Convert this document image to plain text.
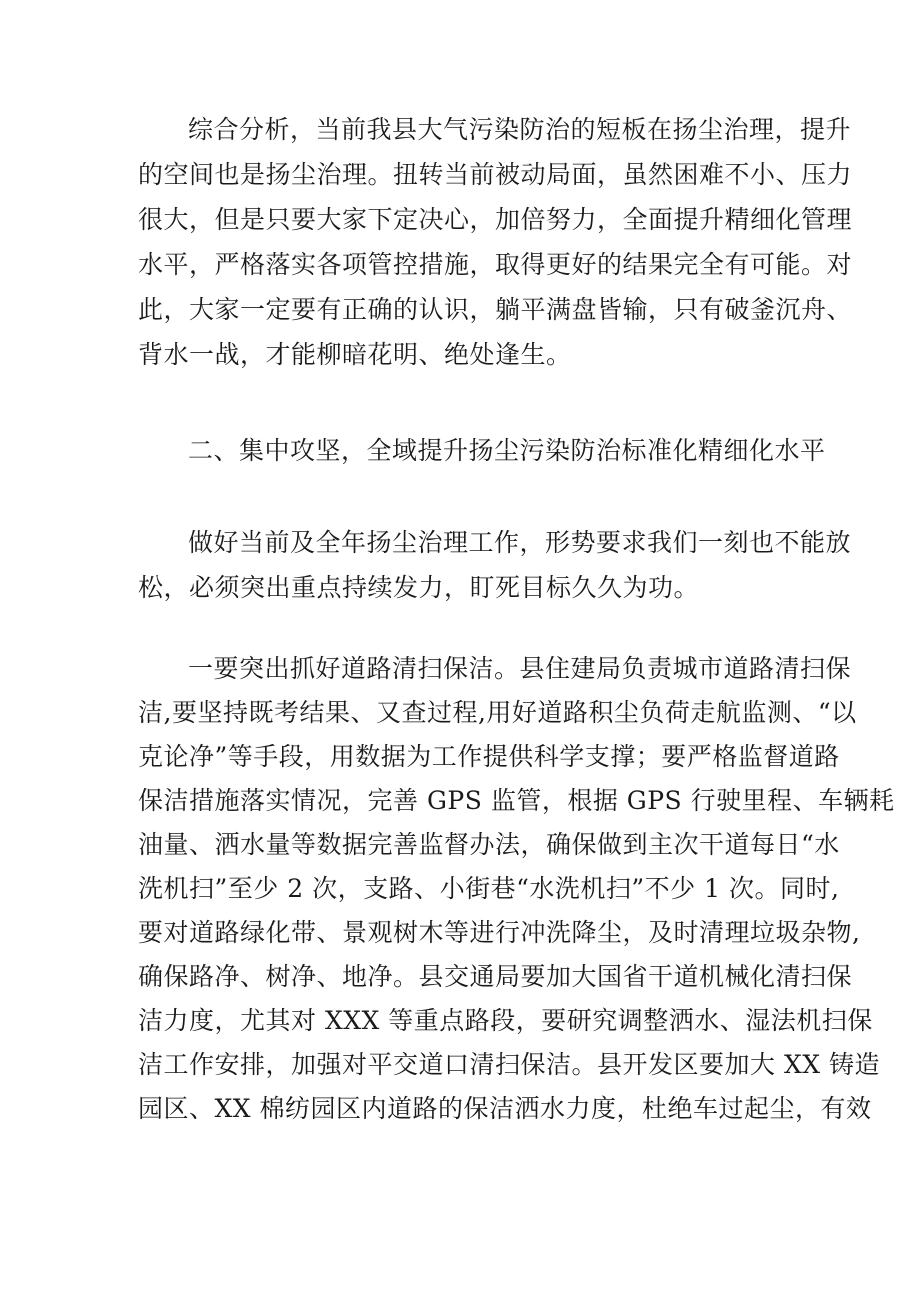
综合分析，当前我县大气污染防治的短板在扬尘治理，提升
的空间也是扬尘治理。扭转当前被动局面，虽然困难不小、压力
很大，但是只要大家下定决心，加倍努力，全面提升精细化管理
水平，严格落实各项管控措施，取得更好的结果完全有可能。对
此，大家一定要有正确的认识，躺平满盘皆输，只有破釜沉舟、
背水一战，才能柳暗花明、绝处逢生。
二、集中攻坚，全域提升扬尘污染防治标准化精细化水平
做好当前及全年扬尘治理工作，形势要求我们一刻也不能放
松，必须突出重点持续发力，盯死目标久久为功。
一要突出抓好道路清扫保洁。县住建局负责城市道路清扫保
洁,要坚持既考结果、又查过程,用好道路积尘负荷走航监测、“以
克论净”等手段，用数据为工作提供科学支撑；要严格监督道路
保洁措施落实情况，完善 GPS 监管，根据 GPS 行驶里程、车辆耗
油量、洒水量等数据完善监督办法，确保做到主次干道每日“水
洗机扫”至少 2 次，支路、小街巷“水洗机扫”不少 1 次。同时,
要对道路绿化带、景观树木等进行冲洗降尘，及时清理垃圾杂物,
确保路净、树净、地净。县交通局要加大国省干道机械化清扫保
洁力度，尤其对 XXX 等重点路段，要研究调整洒水、湿法机扫保
洁工作安排，加强对平交道口清扫保洁。县开发区要加大 XX 铸造
园区、XX 棉纺园区内道路的保洁洒水力度，杜绝车过起尘，有效
